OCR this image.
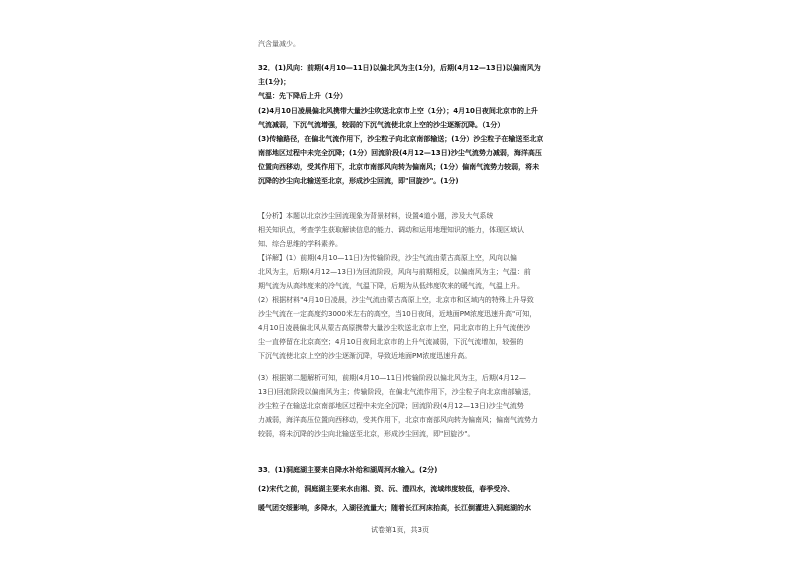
汽含量减少。
32．(1)风向：前期(4月10—11日)以偏北风为主(1分)，后期(4月12—13日)以偏南风为
主(1分)；
气温：先下降后上升（1分）
(2)4月10日凌晨偏北风携带大量沙尘吹送北京市上空（1分）；4月10日夜间北京市的上升
气流减弱，下沉气流增强，较弱的下沉气流使北京上空的沙尘逐渐沉降。（1分）
(3)传输路径，在偏北气流作用下，沙尘粒子向北京南部输送；(1分）沙尘粒子在输送至北京
南部地区过程中未完全沉降；(1分）回流阶段(4月12—13日)沙尘气流势力减弱，海洋高压
位置向西移动，受其作用下，北京市南部风向转为偏南风；(1分）偏南气流势力较弱，将未
沉降的沙尘向北输送至北京，形成沙尘回流，即"回旋沙"。(1分)
【分析】本题以北京沙尘回流现象为背景材料，设置4道小题，涉及大气系统
相关知识点，考查学生获取解读信息的能力、调动和运用地理知识的能力，体现区域认
知、综合思维的学科素养。
【详解】(1）前期(4月10—11日)为传输阶段，沙尘气流由蒙古高原上空，风向以偏
北风为主，后期(4月12—13日)为回流阶段，风向与前期相反，以偏南风为主；气温：前
期气流为从高纬度来的冷气流，气温下降，后期为从低纬度吹来的暖气流，气温上升。
(2）根据材料"4月10日凌晨，沙尘气流由蒙古高原上空，北京市和区域内的特殊上升导致
沙尘气流在一定高度约3000米左右的高空，当10日夜间，近地面PM浓度迅速升高"可知，
4月10日凌晨偏北风从蒙古高原携带大量沙尘吹送北京市上空，同北京市的上升气流使沙
尘一直停留在北京高空；4月10日夜间北京市的上升气流减弱，下沉气流增加，较强的
下沉气流使北京上空的沙尘逐渐沉降，导致近地面PM浓度迅速升高。
(3）根据第二题解析可知，前期(4月10—11日)传输阶段以偏北风为主，后期(4月12—
13日)回流阶段以偏南风为主；传输阶段，在偏北气流作用下，沙尘粒子向北京南部输送，
沙尘粒子在输送北京南部地区过程中未完全沉降；回流阶段(4月12—13日)沙尘气流势
力减弱，海洋高压位置向西移动，受其作用下，北京市南部风向转为偏南风；偏南气流势力
较弱，将未沉降的沙尘向北输送至北京，形成沙尘回流，即"回旋沙"。
33．(1)洞庭湖主要来自降水补给和湖周河水输入。(2分)
(2)宋代之前，洞庭湖主要来水由湘、资、沅、澧四水，流域纬度较低，春季受冷、
暖气团交绥影响，多降水，入湖径流量大；随着长江河床抬高，长江倒灌进入洞庭湖的水
试卷第1页，共3页
